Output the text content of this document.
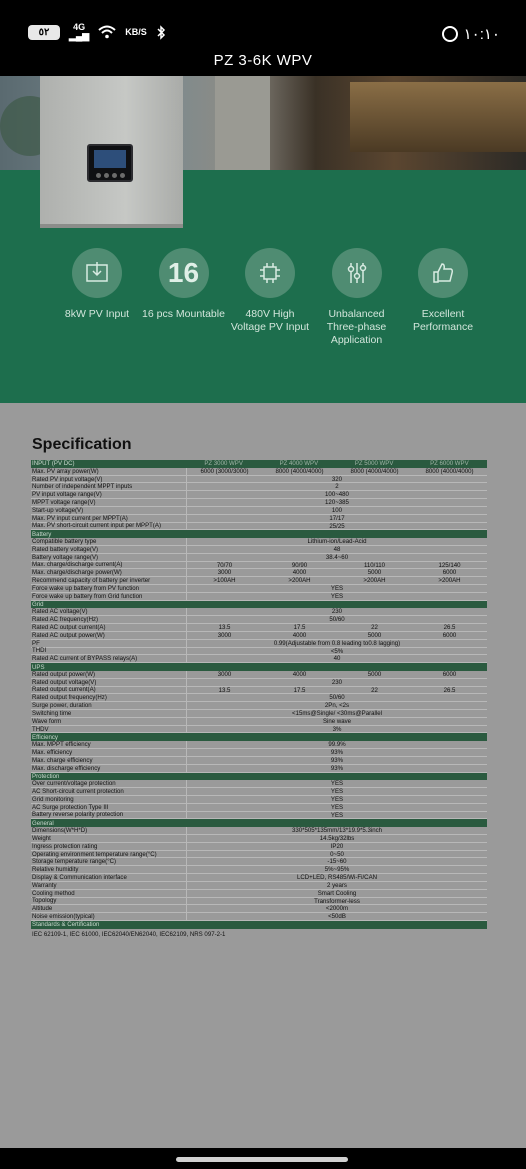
٥٢	4G
▂▄▆	KB/S	١٠:١٠
PZ 3-6K WPV
8kW PV Input
16
16 pcs Mountable	480V High Voltage PV Input
Unbalanced Three-phase Application
Excellent Performance
Specification
INPUT (PV DC)	PZ 3000 WPV	PZ 4000 WPV	PZ 5000 WPV	PZ 6000 WPV
Max. PV array power(W)	6000 (3000/3000)	8000 (4000/4000)	8000 (4000/4000)	8000 (4000/4000)
Rated PV input voltage(V)	320
Number of independent MPPT inputs	2
PV input voltage range(V)	100~480
MPPT voltage range(V)	120~385
Start-up voltage(V)	100
Max. PV input current per MPPT(A)	17/17
Max. PV short-circuit current input per MPPT(A)	25/25
Battery
Compatible battery type	Lithium-ion/Lead-Acid
Rated battery voltage(V)	48
Battery voltage range(V)	38.4~60
Max. charge/discharge current(A)	70/70	90/90	110/110	125/140
Max. charge/discharge power(W)	3000	4000	5000	6000
Recommend capacity of battery per inverter	>100AH	>200AH	>200AH	>200AH
Force wake up battery from PV function	YES
Force wake up battery from Grid function	YES
Grid
Rated AC voltage(V)	230
Rated AC frequency(Hz)	50/60
Rated AC output current(A)	13.5	17.5	22	26.5
Rated AC output power(W)	3000	4000	5000	6000
PF	0.99(Adjustable from 0.8 leading to0.8 lagging)
THDI	<5%
Rated AC current of BYPASS relays(A)	40
UPS
Rated output power(W)	3000	4000	5000	6000
Rated output voltage(V)	230
Rated output current(A)	13.5	17.5	22	26.5
Rated output frequency(Hz)	50/60
Surge power, duration	2Pn, <2s
Switching time	<15ms@Single/ <30ms@Parallel
Wave form	Sine wave
THDV	3%
Efficiency
Max. MPPT efficiency	99.9%
Max. efficiency	93%
Max. charge efficiency	93%
Max. discharge efficiency	93%
Protection
Over current/voltage protection	YES
AC Short-circuit current protection	YES
Grid monitoring	YES
AC Surge protection Type III	YES
Battery reverse polarity protection	YES
General
Dimensions(W*H*D)	330*505*135mm/13*19.9*5.3inch
Weight	14.5kg/32lbs
Ingress protection rating	IP20
Operating environment temperature range(°C)	0~50
Storage temperature range(°C)	-15~60
Relative humidity	5%~95%
Display & Communication interface	LCD+LED, RS485/Wi-Fi/CAN
Warranty	2 years
Cooling method	Smart Cooling
Topology	Transformer-less
Altitude	<2000m
Noise emission(typical)	<50dB
Standards & Certification
IEC 62109-1, IEC 61000, IEC62040/EN62040, IEC62109, NRS 097-2-1
